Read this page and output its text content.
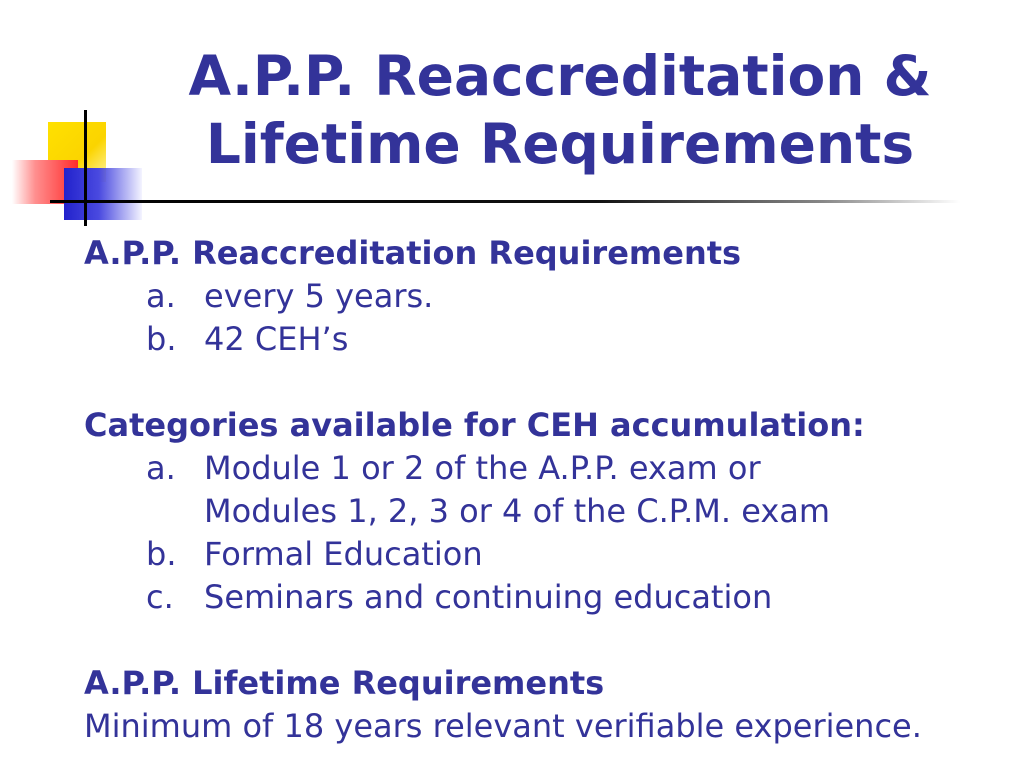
A.P.P. Reaccreditation &
Lifetime Requirements
A.P.P. Reaccreditation Requirements
a. every 5 years.
b. 42 CEH’s
Categories available for CEH accumulation:
a. Module 1 or 2 of the A.P.P. exam or
Modules 1, 2, 3 or 4 of the C.P.M. exam
b. Formal Education
c. Seminars and continuing education
A.P.P. Lifetime Requirements
Minimum of 18 years relevant verifiable experience.
